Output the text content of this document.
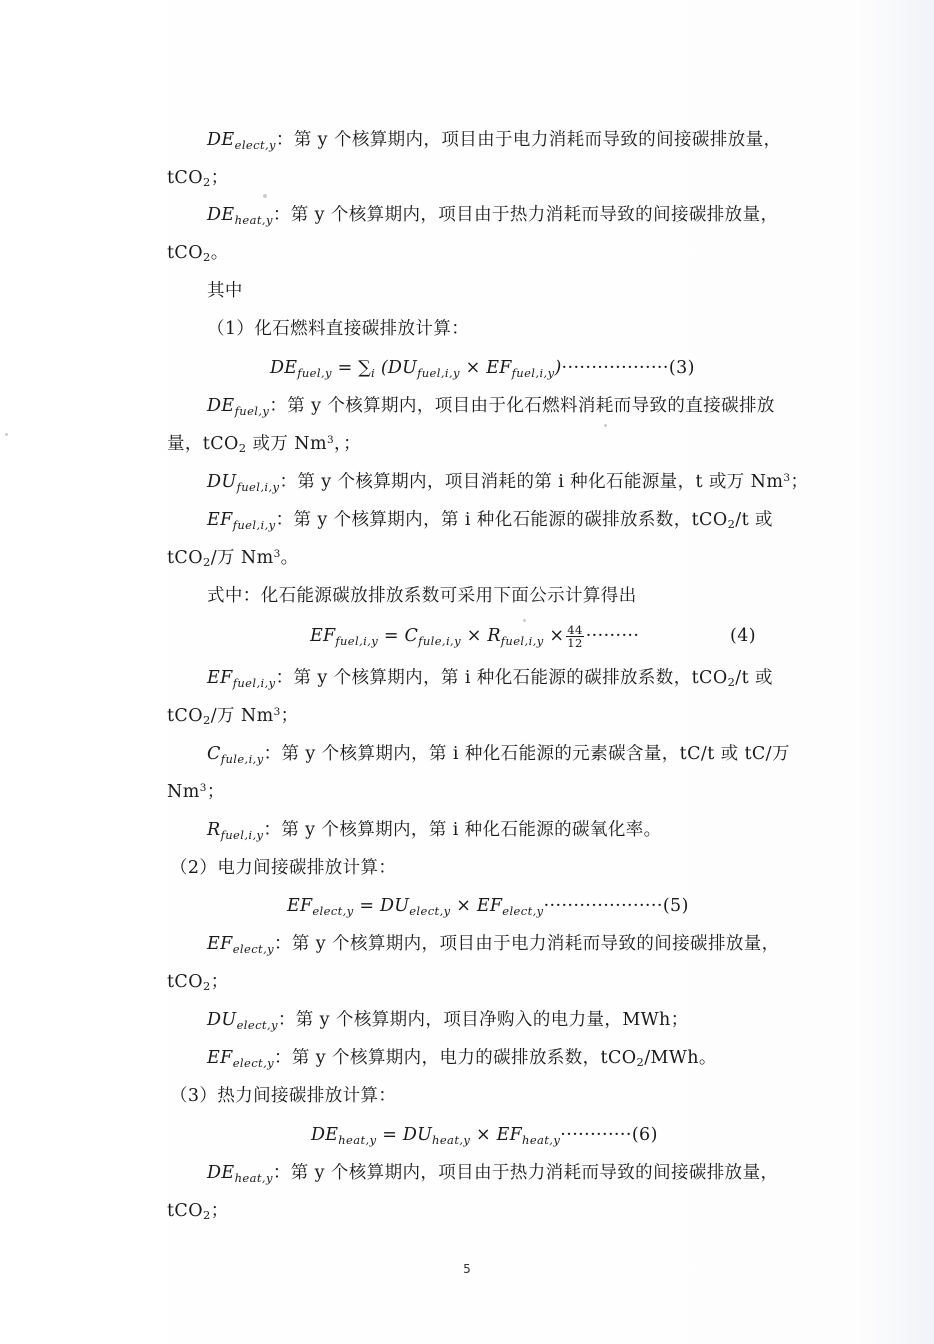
$DE_{elect,y}$：第 y 个核算期内，项目由于电力消耗而导致的间接碳排放量，
tCO2；
$DE_{heat,y}$：第 y 个核算期内，项目由于热力消耗而导致的间接碳排放量，
tCO2。
其中
（1）化石燃料直接碳排放计算：
$DE_{fuel,y} = \sum_i$ $(DU_{fuel,i,y} \times EF_{fuel,i,y})\cdot\cdot\cdot\cdot\cdot\cdot\cdot\cdot\cdot\cdot\cdot\cdot\cdot\cdot\cdot\cdot\cdot\cdot(3)$
$DE_{fuel,y}$：第 y 个核算期内，项目由于化石燃料消耗而导致的直接碳排放
量，tCO2 或万 Nm$^3$，；
$DU_{fuel,i,y}$：第 y 个核算期内，项目消耗的第 i 种化石能源量，t 或万 Nm$^3$；
$EF_{fuel,i,y}$：第 y 个核算期内，第 i 种化石能源的碳排放系数，tCO2/t 或
tCO2/万 Nm$^3$。
式中：化石能源碳放排放系数可采用下面公示计算得出
$EF_{fuel,i,y} = C_{fule,i,y} \times R_{fuel,i,y} \times \frac{44}{12}$ ·········	(4)
$EF_{fuel,i,y}$：第 y 个核算期内，第 i 种化石能源的碳排放系数，tCO2/t 或
tCO2/万 Nm$^3$；
$C_{fule,i,y}$：第 y 个核算期内，第 i 种化石能源的元素碳含量，tC/t 或 tC/万
Nm$^3$；
$R_{fuel,i,y}$：第 y 个核算期内，第 i 种化石能源的碳氧化率。
（2）电力间接碳排放计算：
$EF_{elect,y} = DU_{elect,y} \times EF_{elect,y}\cdot\cdot\cdot\cdot\cdot\cdot\cdot\cdot\cdot\cdot\cdot\cdot\cdot\cdot\cdot\cdot\cdot\cdot\cdot\cdot(5)$
$EF_{elect,y}$：第 y 个核算期内，项目由于电力消耗而导致的间接碳排放量，
tCO2；
$DU_{elect,y}$：第 y 个核算期内，项目净购入的电力量，MWh；
$EF_{elect,y}$：第 y 个核算期内，电力的碳排放系数，tCO2/MWh。
（3）热力间接碳排放计算：
$DE_{heat,y} = DU_{heat,y} \times EF_{heat,y}\cdot\cdot\cdot\cdot\cdot\cdot\cdot\cdot\cdot\cdot\cdot\cdot(6)$
$DE_{heat,y}$：第 y 个核算期内，项目由于热力消耗而导致的间接碳排放量，
tCO2；
5
